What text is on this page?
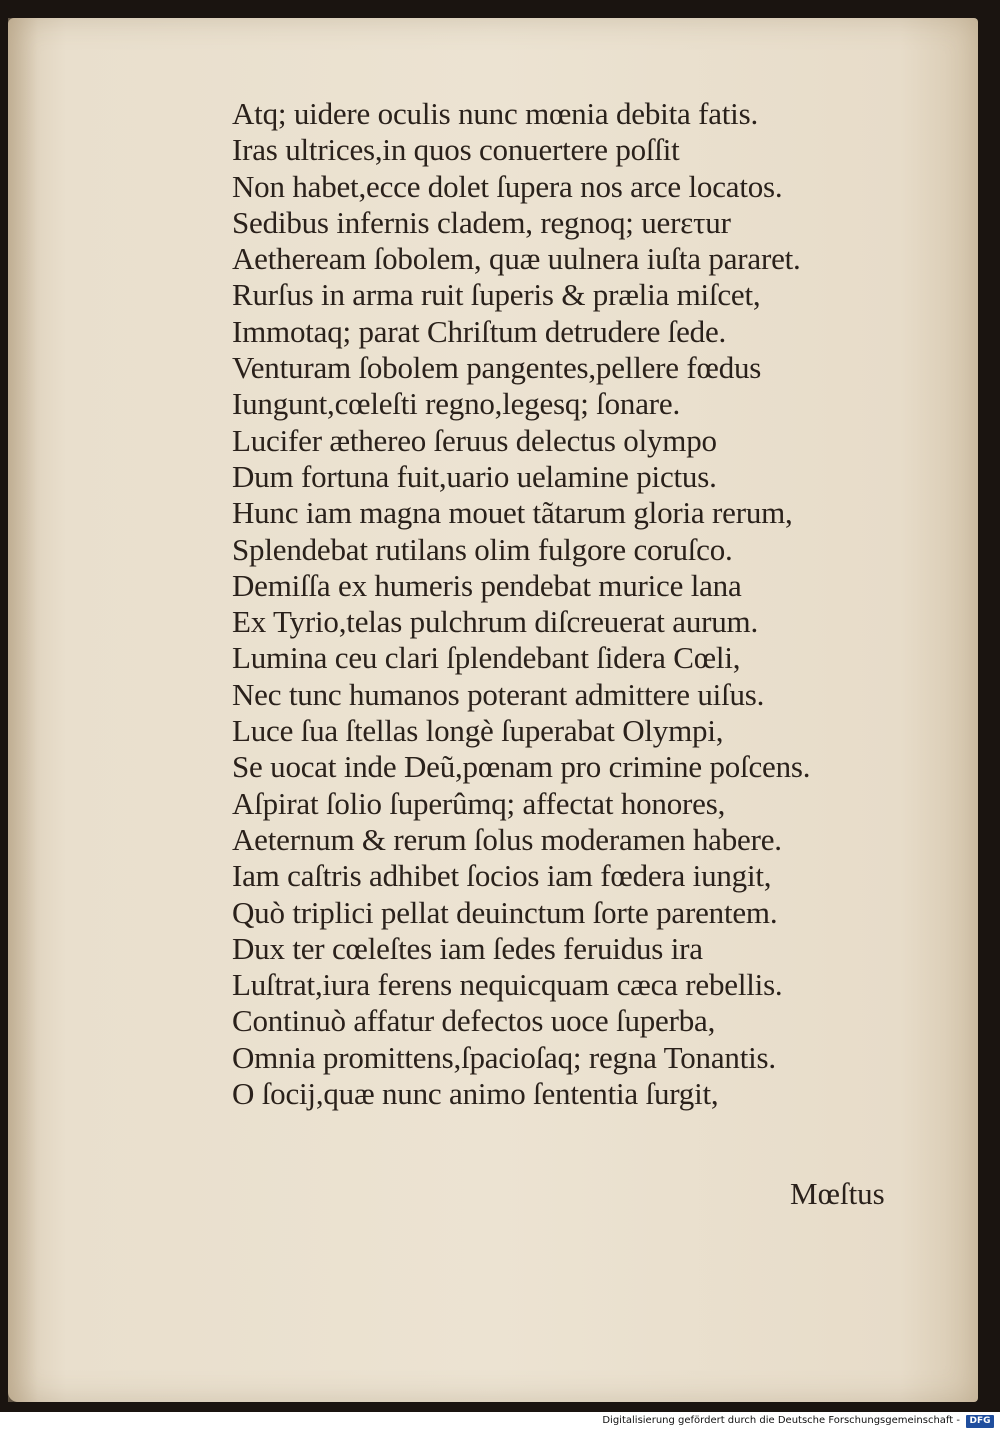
Atq; uidere oculis nunc mœnia debita fatis.
Iras ultrices,in quos conuertere poſſit
Non habet,ecce dolet ſupera nos arce locatos.
Sedibus infernis cladem, regnoq; uerετur
Aetheream ſobolem, quæ uulnera iuſta pararet.
Rurſus in arma ruit ſuperis & prælia miſcet,
Immotaq; parat Chriſtum detrudere ſede.
Venturam ſobolem pangentes,pellere fœdus
Iungunt,cœleſti regno,legesq; ſonare.
Lucifer æthereo ſeruus delectus olympo
Dum fortuna fuit,uario uelamine pictus.
Hunc iam magna mouet tãtarum gloria rerum,
Splendebat rutilans olim fulgore coruſco.
Demiſſa ex humeris pendebat murice lana
Ex Tyrio,telas pulchrum diſcreuerat aurum.
Lumina ceu clari ſplendebant ſidera Cœli,
Nec tunc humanos poterant admittere uiſus.
Luce ſua ſtellas longè ſuperabat Olympi,
Se uocat inde Deũ,pœnam pro crimine poſcens.
Aſpirat ſolio ſuperûmq; affectat honores,
Aeternum & rerum ſolus moderamen habere.
Iam caſtris adhibet ſocios iam fœdera iungit,
Quò triplici pellat deuinctum ſorte parentem.
Dux ter cœleſtes iam ſedes feruidus ira
Luſtrat,iura ferens nequicquam cæca rebellis.
Continuò affatur defectos uoce ſuperba,
Omnia promittens,ſpacioſaq; regna Tonantis.
O ſocij,quæ nunc animo ſententia ſurgit,
Mœſtus
Digitalisierung gefördert durch die Deutsche Forschungsgemeinschaft -	DFG
